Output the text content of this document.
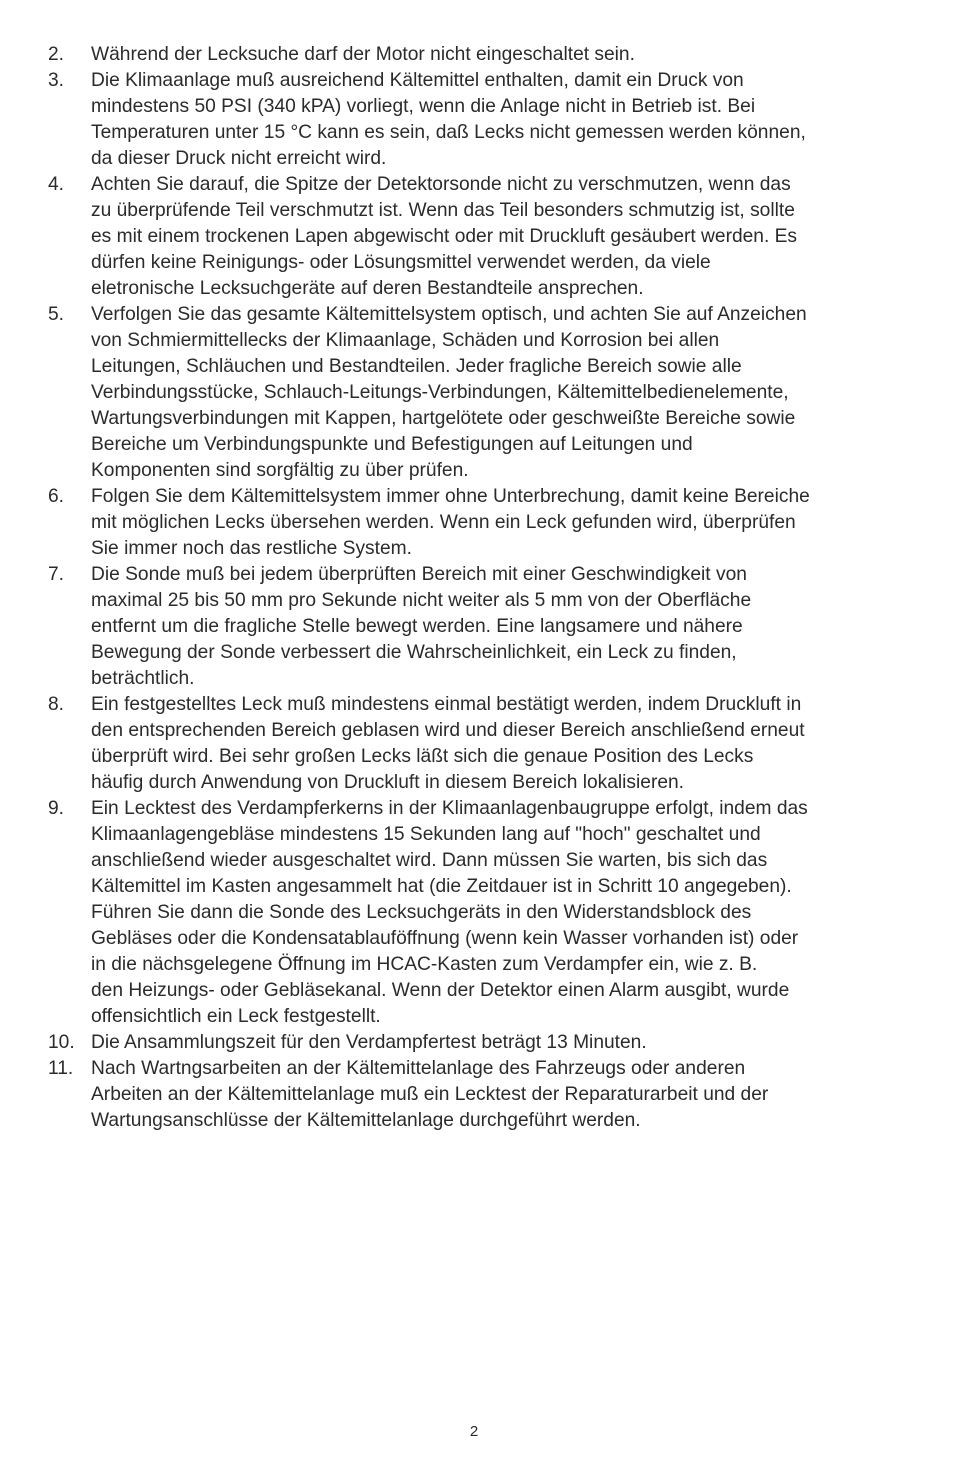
2.	Während der Lecksuche darf der Motor nicht eingeschaltet sein.
3.	Die Klimaanlage muß ausreichend Kältemittel enthalten, damit ein Druck von
mindestens 50 PSI (340 kPA) vorliegt, wenn die Anlage nicht in Betrieb ist. Bei
Temperaturen unter 15 °C kann es sein, daß Lecks nicht gemessen werden können,
da dieser Druck nicht erreicht wird.
4.	Achten Sie darauf, die Spitze der Detektorsonde nicht zu verschmutzen, wenn das
zu überprüfende Teil verschmutzt ist. Wenn das Teil besonders schmutzig ist, sollte
es mit einem trockenen Lapen abgewischt oder mit Druckluft gesäubert werden. Es
dürfen keine Reinigungs- oder Lösungsmittel verwendet werden, da viele
eletronische Lecksuchgeräte auf deren Bestandteile ansprechen.
5.	Verfolgen Sie das gesamte Kältemittelsystem optisch, und achten Sie auf Anzeichen
von Schmiermittellecks der Klimaanlage, Schäden und Korrosion bei allen
Leitungen, Schläuchen und Bestandteilen. Jeder fragliche Bereich sowie alle
Verbindungsstücke, Schlauch-Leitungs-Verbindungen, Kältemittelbedienelemente,
Wartungsverbindungen mit Kappen, hartgelötete oder geschweißte Bereiche sowie
Bereiche um Verbindungspunkte und Befestigungen auf Leitungen und
Komponenten sind sorgfältig zu über prüfen.
6.	Folgen Sie dem Kältemittelsystem immer ohne Unterbrechung, damit keine Bereiche
mit möglichen Lecks übersehen werden. Wenn ein Leck gefunden wird, überprüfen
Sie immer noch das restliche System.
7.	Die Sonde muß bei jedem überprüften Bereich mit einer Geschwindigkeit von
maximal 25 bis 50 mm pro Sekunde nicht weiter als 5 mm von der Oberfläche
entfernt um die fragliche Stelle bewegt werden. Eine langsamere und nähere
Bewegung der Sonde verbessert die Wahrscheinlichkeit, ein Leck zu finden,
beträchtlich.
8.	Ein festgestelltes Leck muß mindestens einmal bestätigt werden, indem Druckluft in
den entsprechenden Bereich geblasen wird und dieser Bereich anschließend erneut
überprüft wird. Bei sehr großen Lecks läßt sich die genaue Position des Lecks
häufig durch Anwendung von Druckluft in diesem Bereich lokalisieren.
9.	Ein Lecktest des Verdampferkerns in der Klimaanlagenbaugruppe erfolgt, indem das
Klimaanlagengebläse mindestens 15 Sekunden lang auf "hoch" geschaltet und
anschließend wieder ausgeschaltet wird. Dann müssen Sie warten, bis sich das
Kältemittel im Kasten angesammelt hat (die Zeitdauer ist in Schritt 10 angegeben).
Führen Sie dann die Sonde des Lecksuchgeräts in den Widerstandsblock des
Gebläses oder die Kondensatablauföffnung (wenn kein Wasser vorhanden ist) oder
in die nächsgelegene Öffnung im HCAC-Kasten zum Verdampfer ein, wie z. B.
den Heizungs- oder Gebläsekanal. Wenn der Detektor einen Alarm ausgibt, wurde
offensichtlich ein Leck festgestellt.
10. Die Ansammlungszeit für den Verdampfertest beträgt 13 Minuten.
11. Nach Wartngsarbeiten an der Kältemittelanlage des Fahrzeugs oder anderen
Arbeiten an der Kältemittelanlage muß ein Lecktest der Reparaturarbeit und der
Wartungsanschlüsse der Kältemittelanlage durchgeführt werden.
2
